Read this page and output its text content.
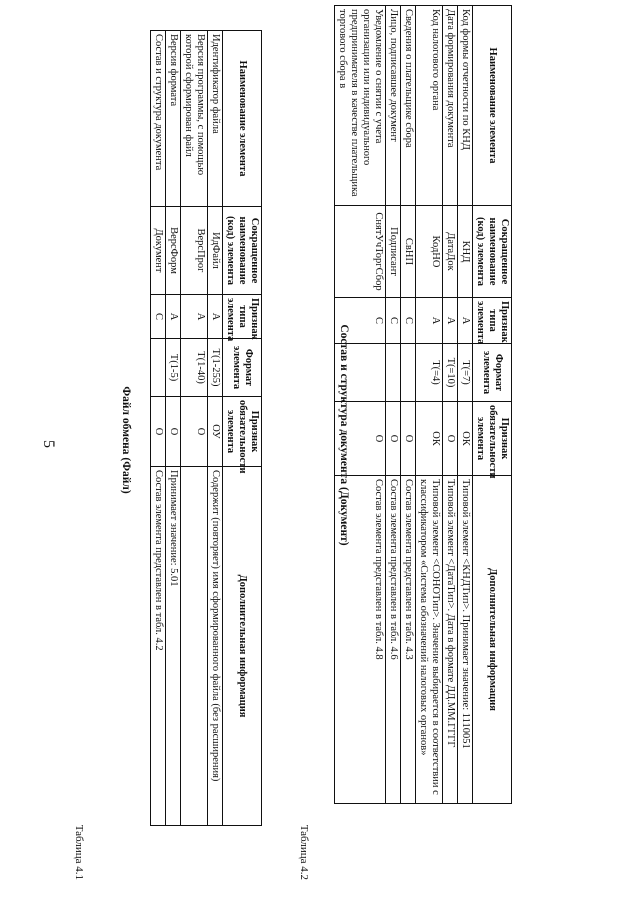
5
Таблица 4.1
Файл обмена (Файл)
Наименование элемента	Сокращенное наименование (код) элемента	Признак типа элемента	Формат элемента	Признак обязательности элемента	Дополнительная информация
Идентификатор файла	ИдФайл	А	T(1-255)	ОУ	Содержит (повторяет) имя сформированного файла (без расширения)
Версия программы, с помощью которой сформирован файл	ВерсПрог	А	T(1-40)	О	
Версия формата	ВерсФорм	А	T(1-5)	О	Принимает значение: 5.01
Состав и структура документа	Документ	С		О	Состав элемента представлен в табл. 4.2
Таблица 4.2
Состав и структура документа (Документ)
Наименование элемента	Сокращенное наименование (код) элемента	Признак типа элемента	Формат элемента	Признак обязательности элемента	Дополнительная информация
Код формы отчетности по КНД	КНД	А	T(=7)	ОК	Типовой элемент <КНДТип>. Принимает значение: 1110051
Дата формирования документа	ДатаДок	А	T(=10)	О	Типовой элемент <ДатаТип>. Дата в формате ДД.ММ.ГГГГ
Код налогового органа	КодНО	А	T(=4)	ОК	Типовой элемент <СОНОТип>. Значение выбирается в соответствии с классификатором «Система обозначений налоговых органов»
Сведения о плательщике сбора	СвНП	С		О	Состав элемента представлен в табл. 4.3
Лицо, подписавшее документ	Подписант	С		О	Состав элемента представлен в табл. 4.6
Уведомление о снятии с учета организации или индивидуального предпринимателя в качестве плательщика торгового сбора в	СнятУчТоргСбор	С		О	Состав элемента представлен в табл. 4.8
